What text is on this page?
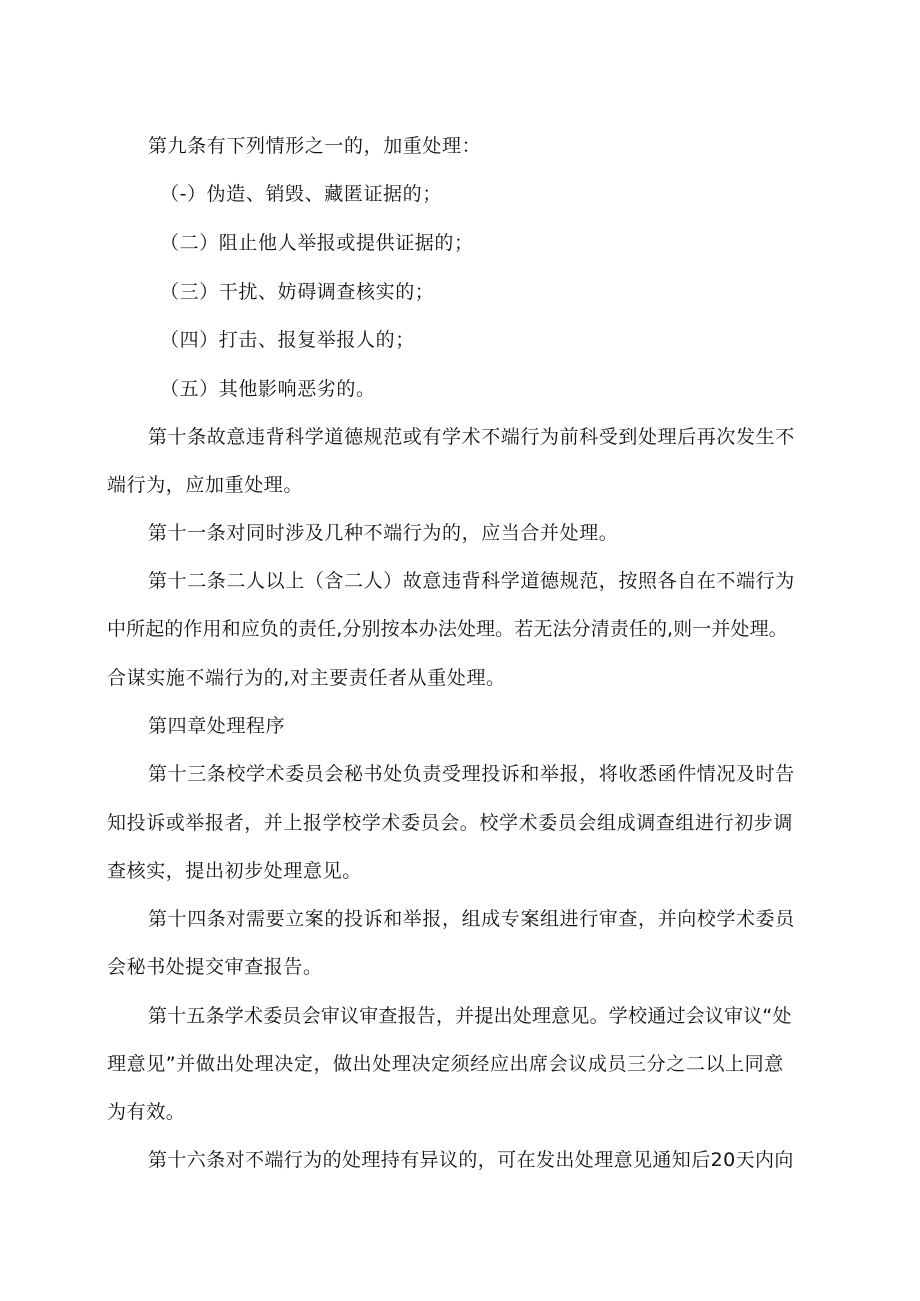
第九条有下列情形之一的，加重处理：
（-）伪造、销毁、藏匿证据的；
（二）阻止他人举报或提供证据的；
（三）干扰、妨碍调查核实的；
（四）打击、报复举报人的；
（五）其他影响恶劣的。
第十条故意违背科学道德规范或有学术不端行为前科受到处理后再次发生不
端行为，应加重处理。
第十一条对同时涉及几种不端行为的，应当合并处理。
第十二条二人以上（含二人）故意违背科学道德规范，按照各自在不端行为
中所起的作用和应负的责任,分别按本办法处理。若无法分清责任的,则一并处理。
合谋实施不端行为的,对主要责任者从重处理。
第四章处理程序
第十三条校学术委员会秘书处负责受理投诉和举报，将收悉函件情况及时告
知投诉或举报者，并上报学校学术委员会。校学术委员会组成调查组进行初步调
查核实，提出初步处理意见。
第十四条对需要立案的投诉和举报，组成专案组进行审查，并向校学术委员
会秘书处提交审查报告。
第十五条学术委员会审议审查报告，并提出处理意见。学校通过会议审议“处
理意见”并做出处理决定，做出处理决定须经应出席会议成员三分之二以上同意
为有效。
第十六条对不端行为的处理持有异议的，可在发出处理意见通知后20天内向
